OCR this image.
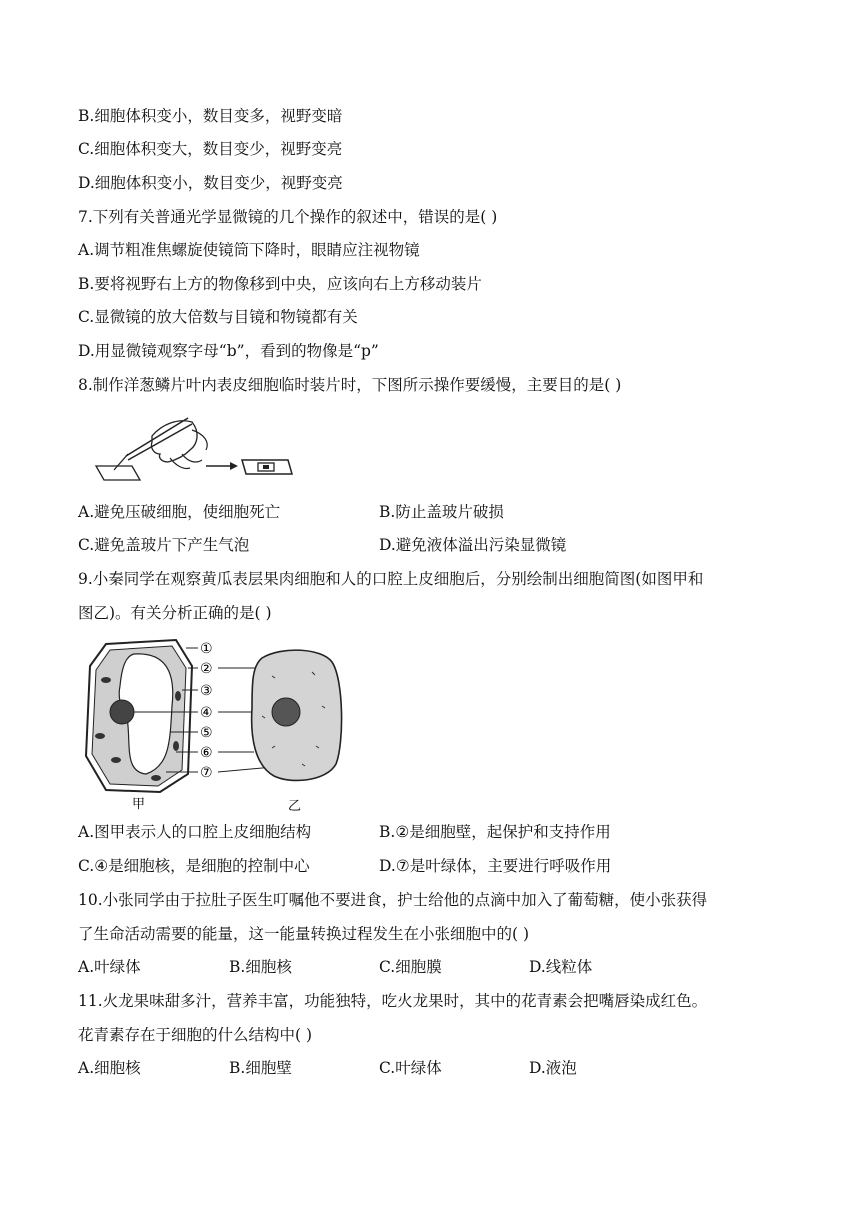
B.细胞体积变小，数目变多，视野变暗
C.细胞体积变大，数目变少，视野变亮
D.细胞体积变小，数目变少，视野变亮
7.下列有关普通光学显微镜的几个操作的叙述中，错误的是( )
A.调节粗准焦螺旋使镜筒下降时，眼睛应注视物镜
B.要将视野右上方的物像移到中央，应该向右上方移动装片
C.显微镜的放大倍数与目镜和物镜都有关
D.用显微镜观察字母“b”，看到的物像是“p”
8.制作洋葱鳞片叶内表皮细胞临时装片时，下图所示操作要缓慢，主要目的是( )
A.避免压破细胞，使细胞死亡	B.防止盖玻片破损
C.避免盖玻片下产生气泡	D.避免液体溢出污染显微镜
9.小秦同学在观察黄瓜表层果肉细胞和人的口腔上皮细胞后，分别绘制出细胞简图(如图甲和
图乙)。有关分析正确的是( )
①
②
③
④
⑤
⑥
⑦
甲	乙
A.图甲表示人的口腔上皮细胞结构	B.②是细胞壁，起保护和支持作用
C.④是细胞核，是细胞的控制中心	D.⑦是叶绿体，主要进行呼吸作用
10.小张同学由于拉肚子医生叮嘱他不要进食，护士给他的点滴中加入了葡萄糖，使小张获得
了生命活动需要的能量，这一能量转换过程发生在小张细胞中的( )
A.叶绿体	B.细胞核	C.细胞膜	D.线粒体
11.火龙果味甜多汁，营养丰富，功能独特，吃火龙果时，其中的花青素会把嘴唇染成红色。
花青素存在于细胞的什么结构中( )
A.细胞核	B.细胞壁	C.叶绿体	D.液泡
